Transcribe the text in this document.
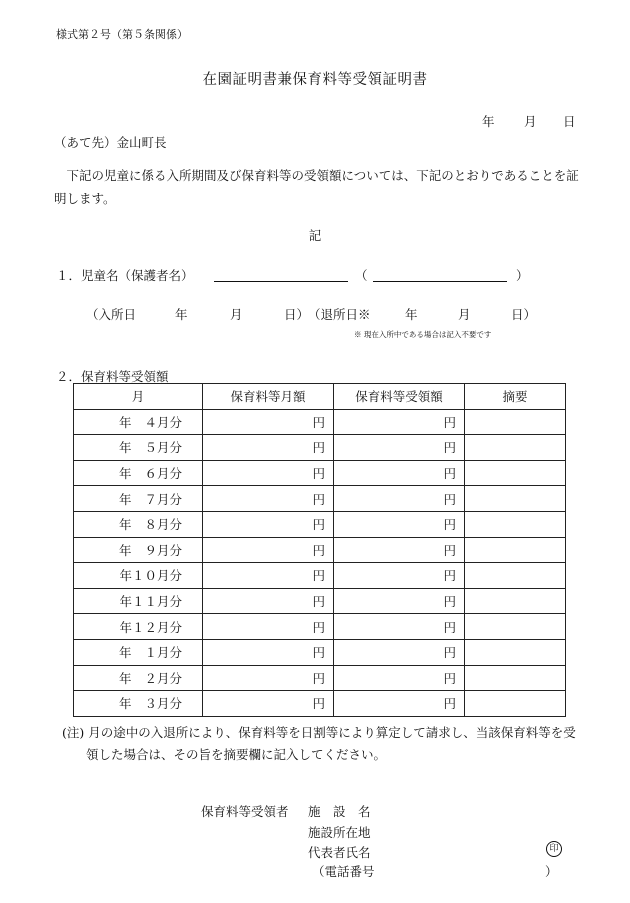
様式第２号（第５条関係）
在園証明書兼保育料等受領証明書
年 月 日
（あて先）金山町長
　下記の児童に係る入所期間及び保育料等の受領額については、下記のとおりであることを証明します。
記
１．児童名（保護者名）	（	）
（入所日	年	月	日）
（退所日※	年	月	日）
※ 現在入所中である場合は記入不要です
２．保育料等受領額
月	保育料等月額	保育料等受領額	摘要
年 ４月分	円	円	
年 ５月分	円	円	
年 ６月分	円	円	
年 ７月分	円	円	
年 ８月分	円	円	
年 ９月分	円	円	
年１０月分	円	円	
年１１月分	円	円	
年１２月分	円	円	
年 １月分	円	円	
年 ２月分	円	円	
年 ３月分	円	円	
(注) 月の途中の入退所により、保育料等を日割等により算定して請求し、当該保育料等を受
領した場合は、その旨を摘要欄に記入してください。
保育料等受領者 施　設　名
施設所在地
代表者氏名	印
（電話番号	）
